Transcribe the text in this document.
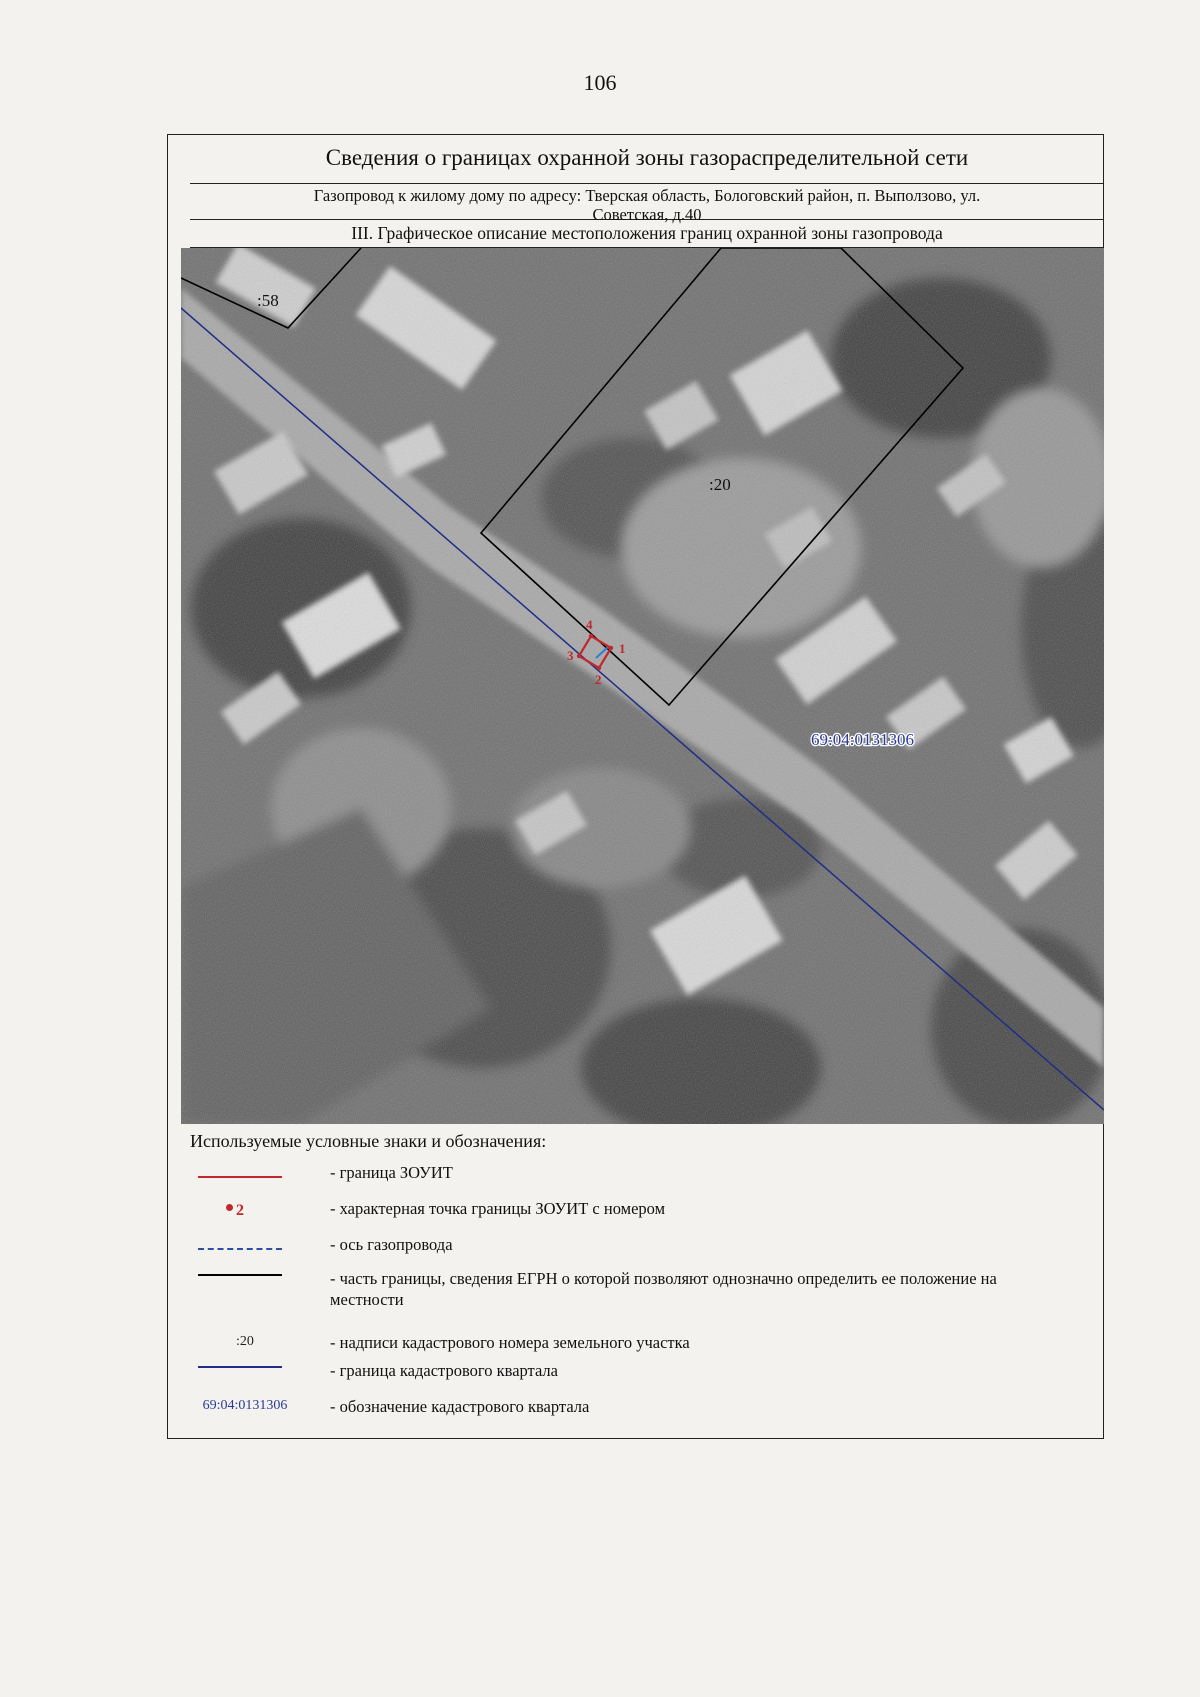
106
Сведения о границах охранной зоны газораспределительной сети
Газопровод к жилому дому по адресу: Тверская область, Бологовский район, п. Выползово, ул.
Советская, д.40
III. Графическое описание местоположения границ охранной зоны газопровода
1
2
3
4
:58
:20
69:04:0131306
Используемые условные знаки и обозначения:
- граница ЗОУИТ
2	- характерная точка границы ЗОУИТ с номером
- ось газопровода
- часть границы, сведения ЕГРН о которой позволяют однозначно определить ее положение на местности
:20	- надписи кадастрового номера земельного участка
- граница кадастрового квартала
69:04:0131306	- обозначение кадастрового квартала
